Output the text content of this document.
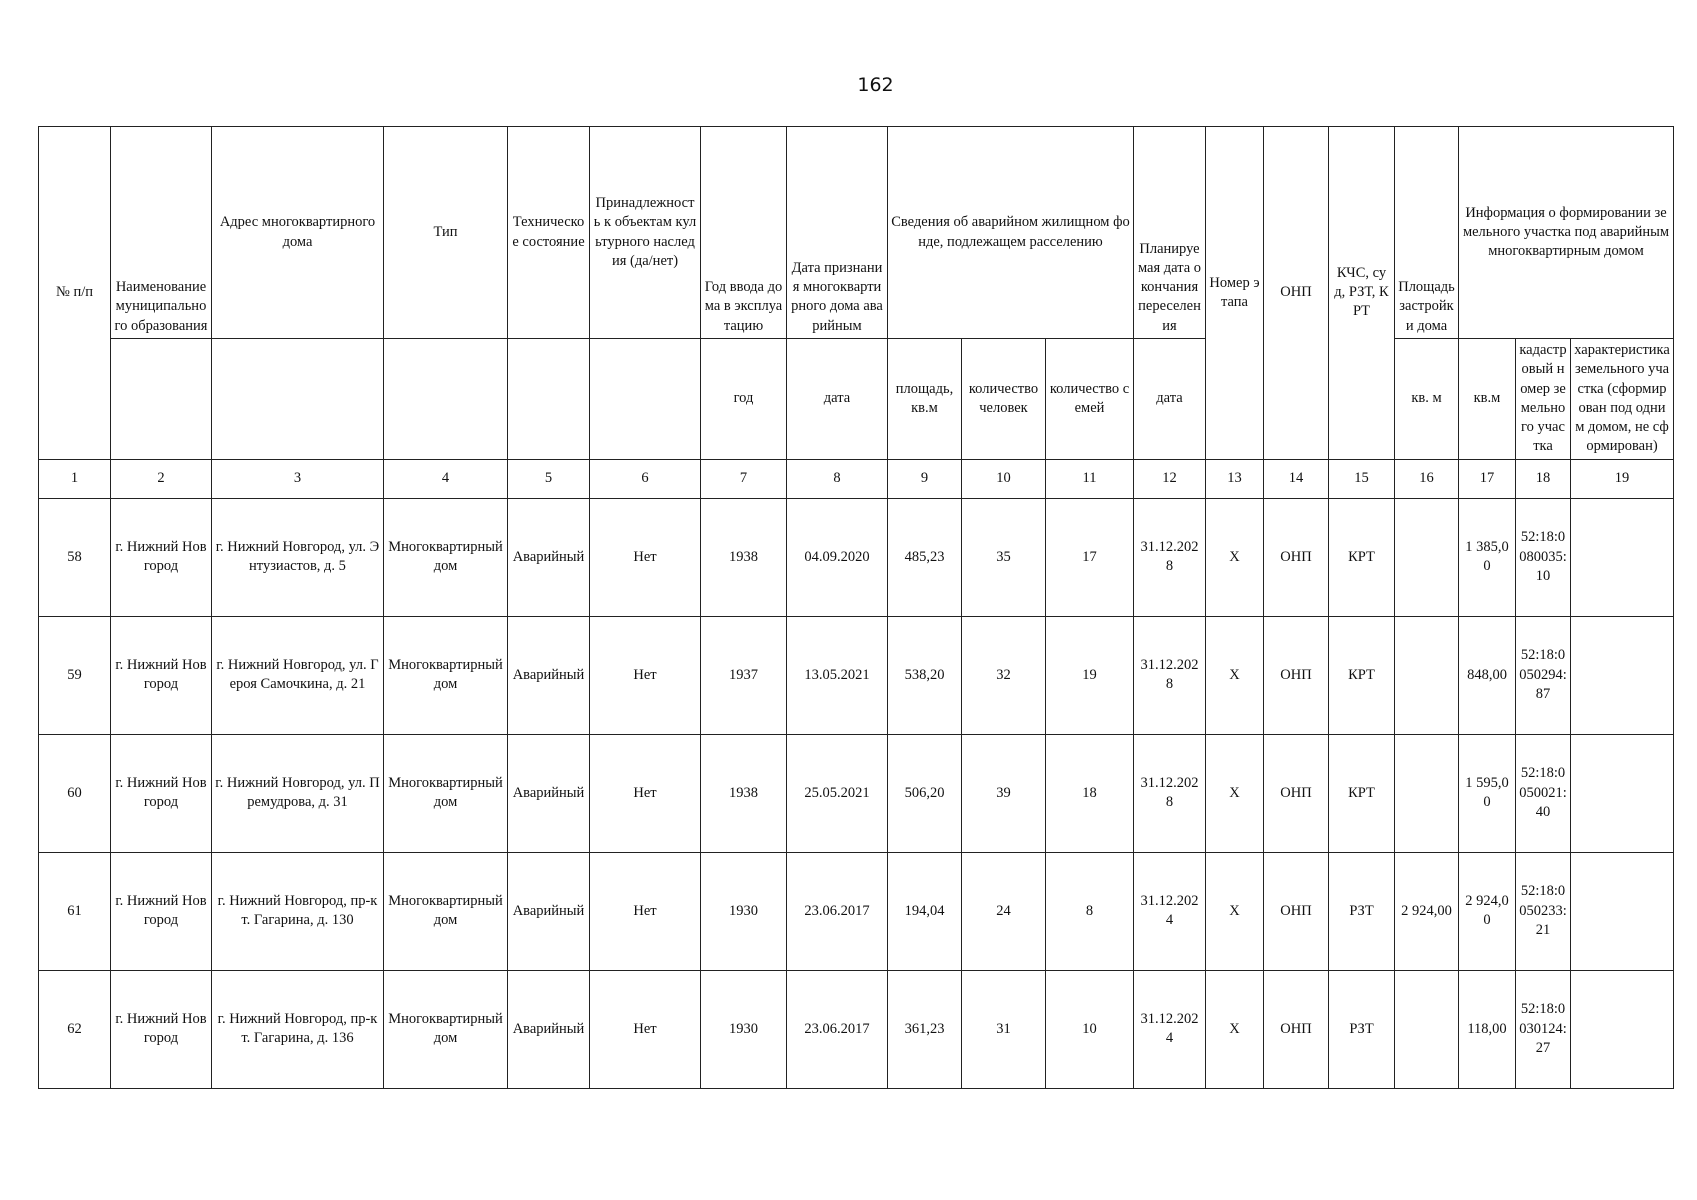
162
№ п/п	Наименование муниципального образования	Адрес многоквартирного дома	Тип	Техническое состояние	Принадлежность к объектам культурного наследия (да/нет)	Год ввода дома в эксплуатацию	Дата признания многоквартирного дома аварийным	Сведения об аварийном жилищном фонде, подлежащем расселению			Планируемая дата окончания переселения	Номер этапа	ОНП	КЧС, суд, РЗТ, КРТ	Площадь застройки дома	Информация о формировании земельного участка под аварийным многоквартирным домом		
						год	дата	площадь, кв.м	количество человек	количество семей	дата				кв. м	кв.м	кадастровый номер земельного участка	характеристика земельного участка (сформирован под одним домом, не сформирован)
1	2	3	4	5	6	7	8	9	10	11	12	13	14	15	16	17	18	19
58	г. Нижний Новгород	г. Нижний Новгород, ул. Энтузиастов, д. 5	Многоквартирный дом	Аварийный	Нет	1938	04.09.2020	485,23	35	17	31.12.2028	Х	ОНП	КРТ		1 385,00	52:18:0080035:10	
59	г. Нижний Новгород	г. Нижний Новгород, ул. Героя Самочкина, д. 21	Многоквартирный дом	Аварийный	Нет	1937	13.05.2021	538,20	32	19	31.12.2028	Х	ОНП	КРТ		848,00	52:18:0050294:87	
60	г. Нижний Новгород	г. Нижний Новгород, ул. Премудрова, д. 31	Многоквартирный дом	Аварийный	Нет	1938	25.05.2021	506,20	39	18	31.12.2028	Х	ОНП	КРТ		1 595,00	52:18:0050021:40	
61	г. Нижний Новгород	г. Нижний Новгород, пр-кт. Гагарина, д. 130	Многоквартирный дом	Аварийный	Нет	1930	23.06.2017	194,04	24	8	31.12.2024	Х	ОНП	РЗТ	2 924,00	2 924,00	52:18:0050233:21	
62	г. Нижний Новгород	г. Нижний Новгород, пр-кт. Гагарина, д. 136	Многоквартирный дом	Аварийный	Нет	1930	23.06.2017	361,23	31	10	31.12.2024	Х	ОНП	РЗТ		118,00	52:18:0030124:27	
